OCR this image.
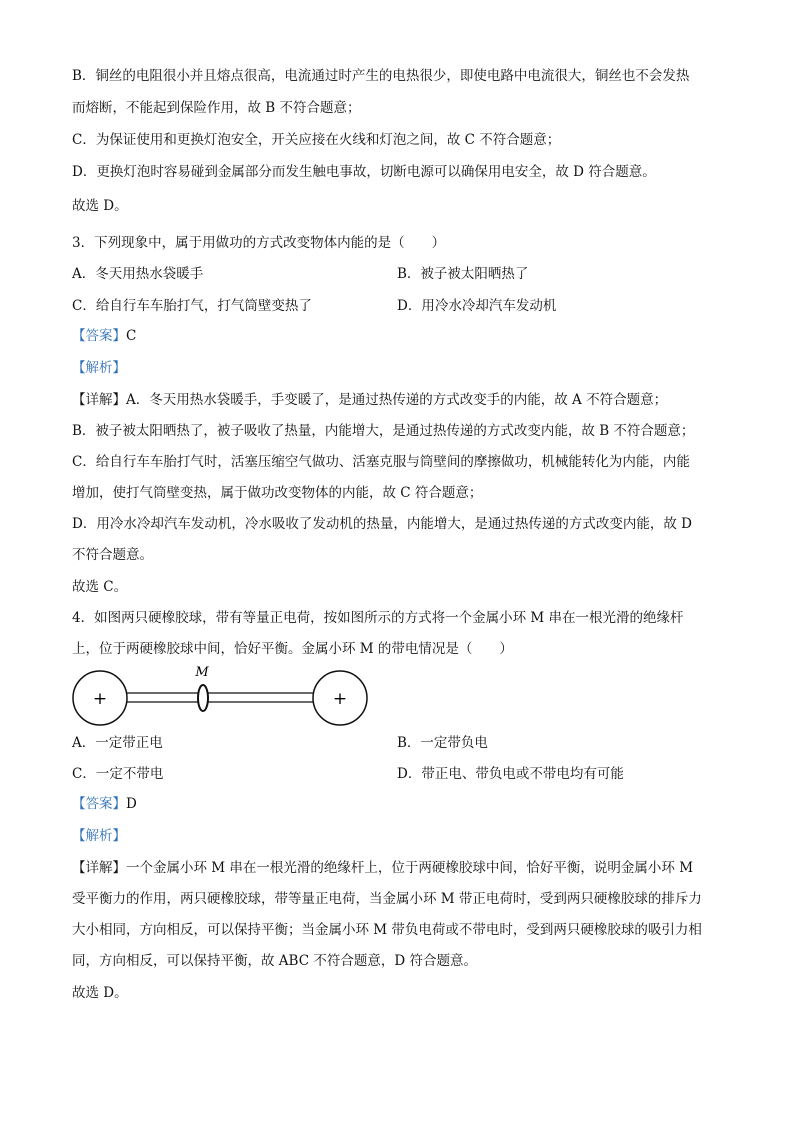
B．铜丝的电阻很小并且熔点很高，电流通过时产生的电热很少，即使电路中电流很大，铜丝也不会发热
而熔断，不能起到保险作用，故 B 不符合题意；
C．为保证使用和更换灯泡安全，开关应接在火线和灯泡之间，故 C 不符合题意；
D．更换灯泡时容易碰到金属部分而发生触电事故，切断电源可以确保用电安全，故 D 符合题意。
故选 D。
3．下列现象中，属于用做功的方式改变物体内能的是（　　）
A．冬天用热水袋暖手	B．被子被太阳晒热了
C．给自行车车胎打气，打气筒壁变热了	D．用冷水冷却汽车发动机
【答案】C
【解析】
【详解】A．冬天用热水袋暖手，手变暖了，是通过热传递的方式改变手的内能，故 A 不符合题意；
B．被子被太阳晒热了，被子吸收了热量，内能增大，是通过热传递的方式改变内能，故 B 不符合题意；
C．给自行车车胎打气时，活塞压缩空气做功、活塞克服与筒壁间的摩擦做功，机械能转化为内能，内能
增加，使打气筒壁变热，属于做功改变物体的内能，故 C 符合题意；
D．用冷水冷却汽车发动机，冷水吸收了发动机的热量，内能增大，是通过热传递的方式改变内能，故 D
不符合题意。
故选 C。
4．如图两只硬橡胶球，带有等量正电荷，按如图所示的方式将一个金属小环 M 串在一根光滑的绝缘杆
上，位于两硬橡胶球中间，恰好平衡。金属小环 M 的带电情况是（　　）
+	+
M
A．一定带正电	B．一定带负电
C．一定不带电	D．带正电、带负电或不带电均有可能
【答案】D
【解析】
【详解】一个金属小环 M 串在一根光滑的绝缘杆上，位于两硬橡胶球中间，恰好平衡，说明金属小环 M
受平衡力的作用，两只硬橡胶球，带等量正电荷，当金属小环 M 带正电荷时，受到两只硬橡胶球的排斥力
大小相同，方向相反，可以保持平衡；当金属小环 M 带负电荷或不带电时，受到两只硬橡胶球的吸引力相
同，方向相反，可以保持平衡，故 ABC 不符合题意，D 符合题意。
故选 D。
